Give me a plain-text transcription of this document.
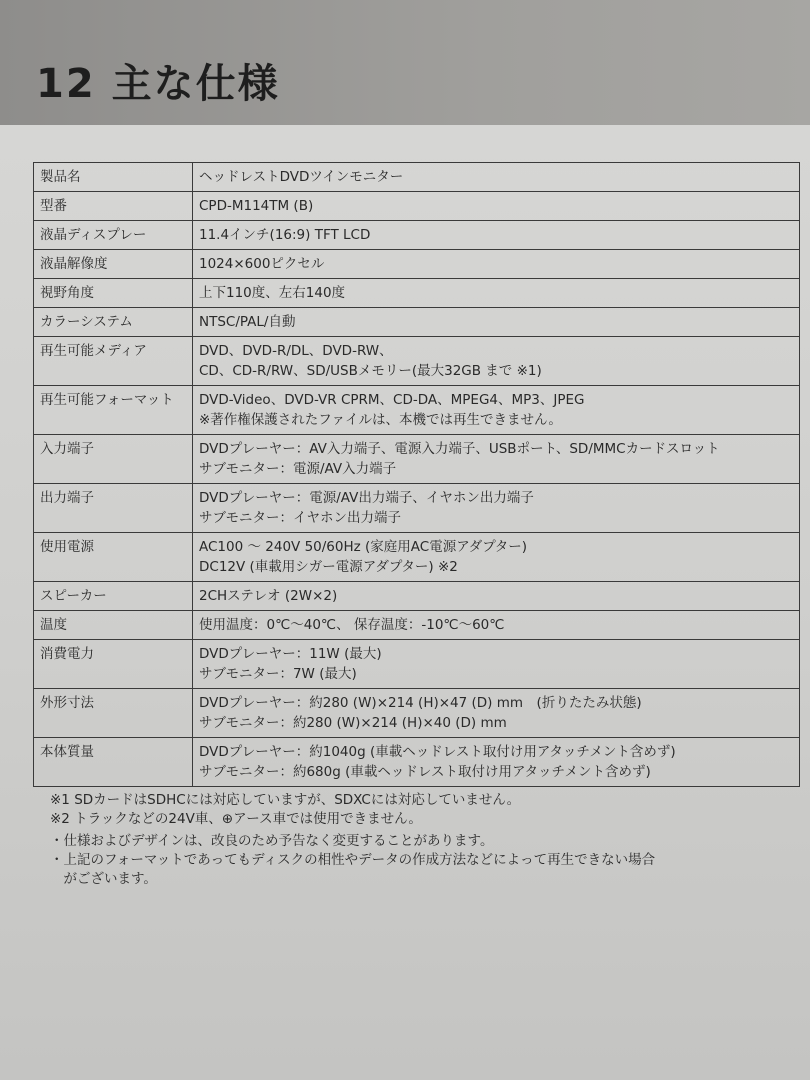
12 主な仕様
製品名	ヘッドレストDVDツインモニター

型番	CPD-M114TM (B)

液晶ディスプレー	11.4インチ(16:9) TFT LCD

液晶解像度	1024×600ピクセル

視野角度	上下110度、左右140度

カラーシステム	NTSC/PAL/自動

再生可能メディア	DVD、DVD-R/DL、DVD-RW、
CD、CD-R/RW、SD/USBメモリー(最大32GB まで ※1)

再生可能フォーマット	DVD-Video、DVD-VR CPRM、CD-DA、MPEG4、MP3、JPEG
※著作権保護されたファイルは、本機では再生できません。

入力端子	DVDプレーヤー：AV入力端子、電源入力端子、USBポート、SD/MMCカードスロット
サブモニター：電源/AV入力端子

出力端子	DVDプレーヤー：電源/AV出力端子、イヤホン出力端子
サブモニター：イヤホン出力端子

使用電源	AC100 ～ 240V 50/60Hz (家庭用AC電源アダプター)
DC12V (車載用シガー電源アダプター) ※2

スピーカー	2CHステレオ (2W×2)

温度	使用温度：0℃～40℃、 保存温度：-10℃～60℃

消費電力	DVDプレーヤー：11W (最大)
サブモニター：7W (最大)

外形寸法	DVDプレーヤー：約280 (W)×214 (H)×47 (D) mm　(折りたたみ状態)
サブモニター：約280 (W)×214 (H)×40 (D) mm

本体質量	DVDプレーヤー：約1040g (車載ヘッドレスト取付け用アタッチメント含めず)
サブモニター：約680g (車載ヘッドレスト取付け用アタッチメント含めず)
※1 SDカードはSDHCには対応していますが、SDXCには対応していません。
※2 トラックなどの24V車、⊕アース車では使用できません。
・仕様およびデザインは、改良のため予告なく変更することがあります。
・上記のフォーマットであってもディスクの相性やデータの作成方法などによって再生できない場合
　がございます。
